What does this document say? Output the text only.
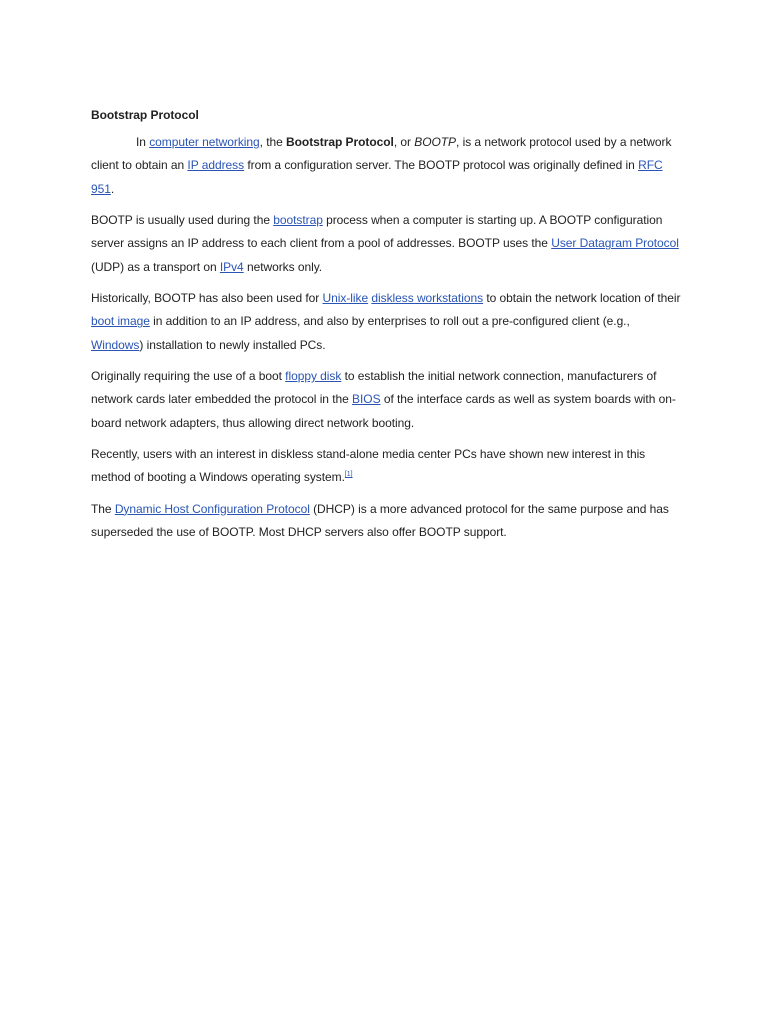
Bootstrap Protocol

In computer networking, the Bootstrap Protocol, or BOOTP, is a network protocol used by a network client to obtain an IP address from a configuration server. The BOOTP protocol was originally defined in RFC 951.

BOOTP is usually used during the bootstrap process when a computer is starting up. A BOOTP configuration server assigns an IP address to each client from a pool of addresses. BOOTP uses the User Datagram Protocol (UDP) as a transport on IPv4 networks only.

Historically, BOOTP has also been used for Unix-like diskless workstations to obtain the network location of their boot image in addition to an IP address, and also by enterprises to roll out a pre-configured client (e.g., Windows) installation to newly installed PCs.

Originally requiring the use of a boot floppy disk to establish the initial network connection, manufacturers of network cards later embedded the protocol in the BIOS of the interface cards as well as system boards with on-board network adapters, thus allowing direct network booting.

Recently, users with an interest in diskless stand-alone media center PCs have shown new interest in this method of booting a Windows operating system.[1]

The Dynamic Host Configuration Protocol (DHCP) is a more advanced protocol for the same purpose and has superseded the use of BOOTP. Most DHCP servers also offer BOOTP support.
